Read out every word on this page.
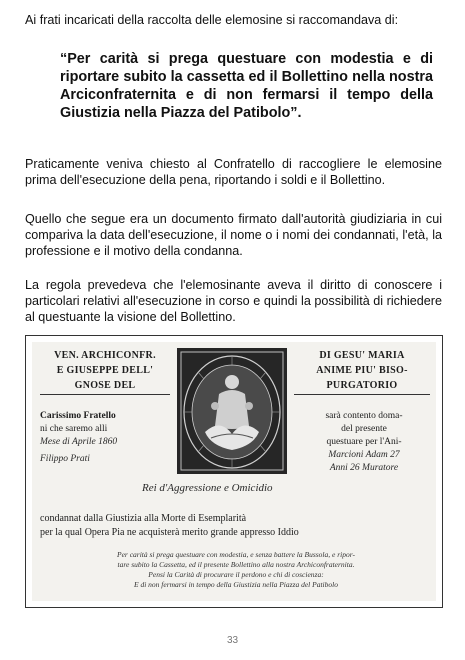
Ai frati incaricati della raccolta delle elemosine si raccomandava di:
“Per carità si prega questuare con modestia e di riportare subito la cassetta ed il Bollettino nella nostra Arciconfraternita e di non fermarsi il tempo della Giustizia nella Piazza del Patibolo”.
Praticamente veniva chiesto al Confratello di raccogliere le elemosine prima dell'esecuzione della pena, riportando i soldi e il Bollettino.
Quello che segue era un documento firmato dall'autorità giudiziaria in cui compariva la data dell'esecuzione, il nome o i nomi dei condannati, l'età, la professione e il motivo della condanna.
La regola prevedeva che l'elemosinante aveva il diritto di conoscere i particolari relativi all'esecuzione in corso e quindi la possibilità di richiedere al questuante la visione del Bollettino.
VEN. ARCHICONFR.
E GIUSEPPE DELL'
GNOSE DEL
DI GESU' MARIA
ANIME PIU' BISO-
PURGATORIO
Carissimo Fratello
ni che saremo alli
Mese di Aprile 1860
Filippo Prati
sarà contento doma-
del presente
questuare per l'Ani-
Marcioni Adam 27
Anni 26 Muratore
Rei d'Aggressione e Omicidio
condannat dalla Giustizia alla Morte di Esemplarità
per la qual Opera Pia ne acquisterà merito grande appresso Iddio
Per carità si prega questuare con modestia, e senza battere la Bussola, e ripor-
tare subito la Cassetta, ed il presente Bollettino alla nostra Archiconfraternita.
Pensi la Carità di procurare il perdono e chi di coscienza:
E di non fermarsi in tempo della Giustizia nella Piazza del Patibolo
33
